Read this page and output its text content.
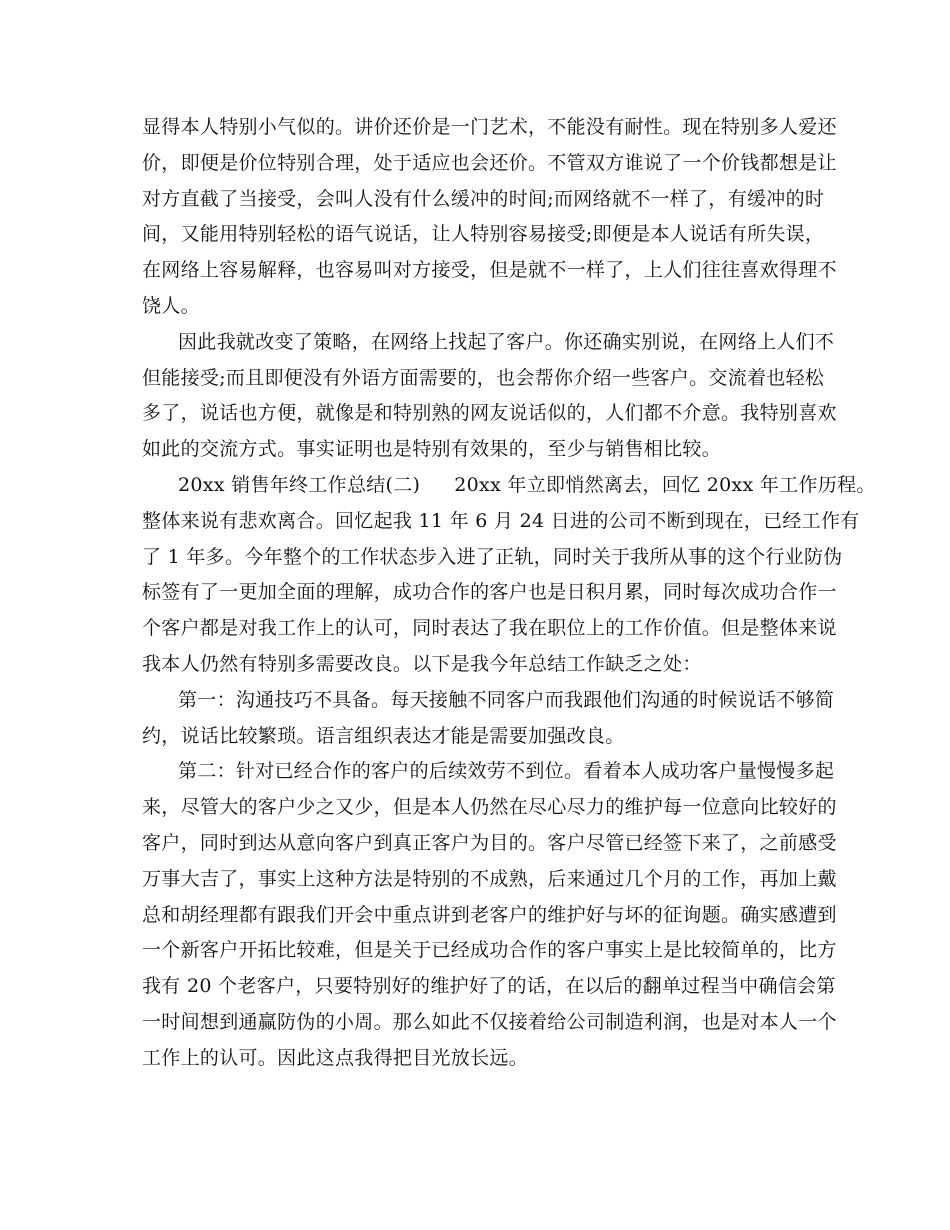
显得本人特别小气似的。讲价还价是一门艺术，不能没有耐性。现在特别多人爱还
价，即便是价位特别合理，处于适应也会还价。不管双方谁说了一个价钱都想是让
对方直截了当接受，会叫人没有什么缓冲的时间;而网络就不一样了，有缓冲的时
间，又能用特别轻松的语气说话，让人特别容易接受;即便是本人说话有所失误，
在网络上容易解释，也容易叫对方接受，但是就不一样了，上人们往往喜欢得理不
饶人。
因此我就改变了策略，在网络上找起了客户。你还确实别说，在网络上人们不
但能接受;而且即便没有外语方面需要的，也会帮你介绍一些客户。交流着也轻松
多了，说话也方便，就像是和特别熟的网友说话似的，人们都不介意。我特别喜欢
如此的交流方式。事实证明也是特别有效果的，至少与销售相比较。
20xx 销售年终工作总结(二) 20xx 年立即悄然离去，回忆 20xx 年工作历程。
整体来说有悲欢离合。回忆起我 11 年 6 月 24 日进的公司不断到现在，已经工作有
了 1 年多。今年整个的工作状态步入进了正轨，同时关于我所从事的这个行业防伪
标签有了一更加全面的理解，成功合作的客户也是日积月累，同时每次成功合作一
个客户都是对我工作上的认可，同时表达了我在职位上的工作价值。但是整体来说
我本人仍然有特别多需要改良。以下是我今年总结工作缺乏之处：
第一：沟通技巧不具备。每天接触不同客户而我跟他们沟通的时候说话不够简
约，说话比较繁琐。语言组织表达才能是需要加强改良。
第二：针对已经合作的客户的后续效劳不到位。看着本人成功客户量慢慢多起
来，尽管大的客户少之又少，但是本人仍然在尽心尽力的维护每一位意向比较好的
客户，同时到达从意向客户到真正客户为目的。客户尽管已经签下来了，之前感受
万事大吉了，事实上这种方法是特别的不成熟，后来通过几个月的工作，再加上戴
总和胡经理都有跟我们开会中重点讲到老客户的维护好与坏的征询题。确实感遭到
一个新客户开拓比较难，但是关于已经成功合作的客户事实上是比较简单的，比方
我有 20 个老客户，只要特别好的维护好了的话，在以后的翻单过程当中确信会第
一时间想到通赢防伪的小周。那么如此不仅接着给公司制造利润，也是对本人一个
工作上的认可。因此这点我得把目光放长远。
